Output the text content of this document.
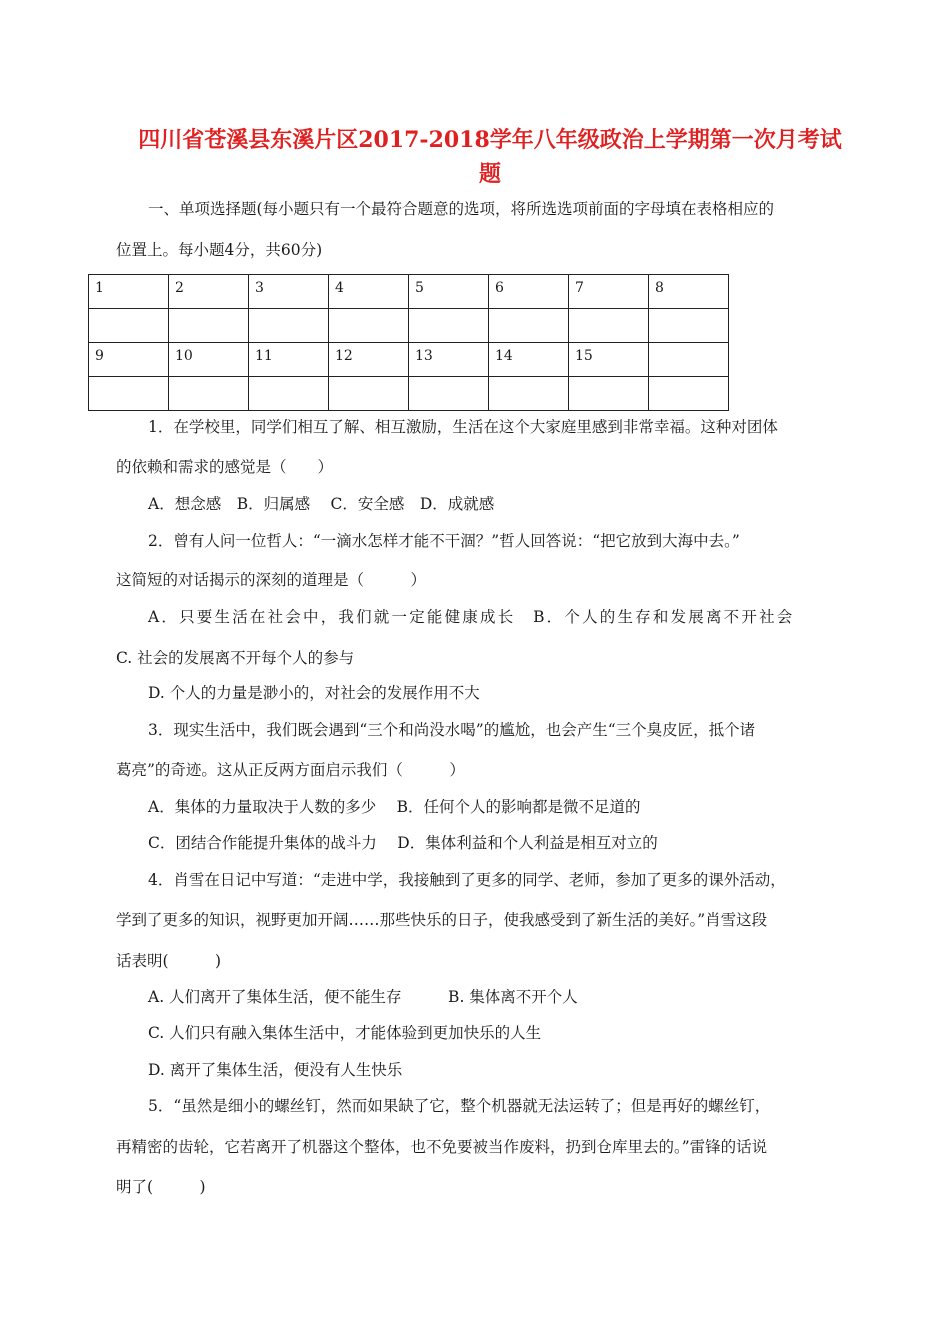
四川省苍溪县东溪片区2017-2018学年八年级政治上学期第一次月考试
题
一、单项选择题(每小题只有一个最符合题意的选项，将所选选项前面的字母填在表格相应的
位置上。每小题4分，共60分)
1	2	3	4	5	6	7	8

9	10	11	12	13	14	15	

1．在学校里，同学们相互了解、相互激励，生活在这个大家庭里感到非常幸福。这种对团体
的依赖和需求的感觉是（　　）
A．想念感　B．归属感　 C．安全感　D．成就感
2．曾有人问一位哲人：“一滴水怎样才能不干涸？”哲人回答说：“把它放到大海中去。”
这简短的对话揭示的深刻的道理是（　　　）
A．只要生活在社会中，我们就一定能健康成长　B．个人的生存和发展离不开社会
C. 社会的发展离不开每个人的参与
D. 个人的力量是渺小的，对社会的发展作用不大
3．现实生活中，我们既会遇到“三个和尚没水喝”的尴尬，也会产生“三个臭皮匠，抵个诸
葛亮”的奇迹。这从正反两方面启示我们（　　　）
A．集体的力量取决于人数的多少　 B．任何个人的影响都是微不足道的
C．团结合作能提升集体的战斗力　 D．集体利益和个人利益是相互对立的
4．肖雪在日记中写道：“走进中学，我接触到了更多的同学、老师，参加了更多的课外活动，
学到了更多的知识，视野更加开阔……那些快乐的日子，使我感受到了新生活的美好。”肖雪这段
话表明(　　　)
A. 人们离开了集体生活，便不能生存　　　B. 集体离不开个人
C. 人们只有融入集体生活中，才能体验到更加快乐的人生
D. 离开了集体生活，便没有人生快乐
5．“虽然是细小的螺丝钉，然而如果缺了它，整个机器就无法运转了；但是再好的螺丝钉，
再精密的齿轮，它若离开了机器这个整体，也不免要被当作废料，扔到仓库里去的。”雷锋的话说
明了(　　　)
